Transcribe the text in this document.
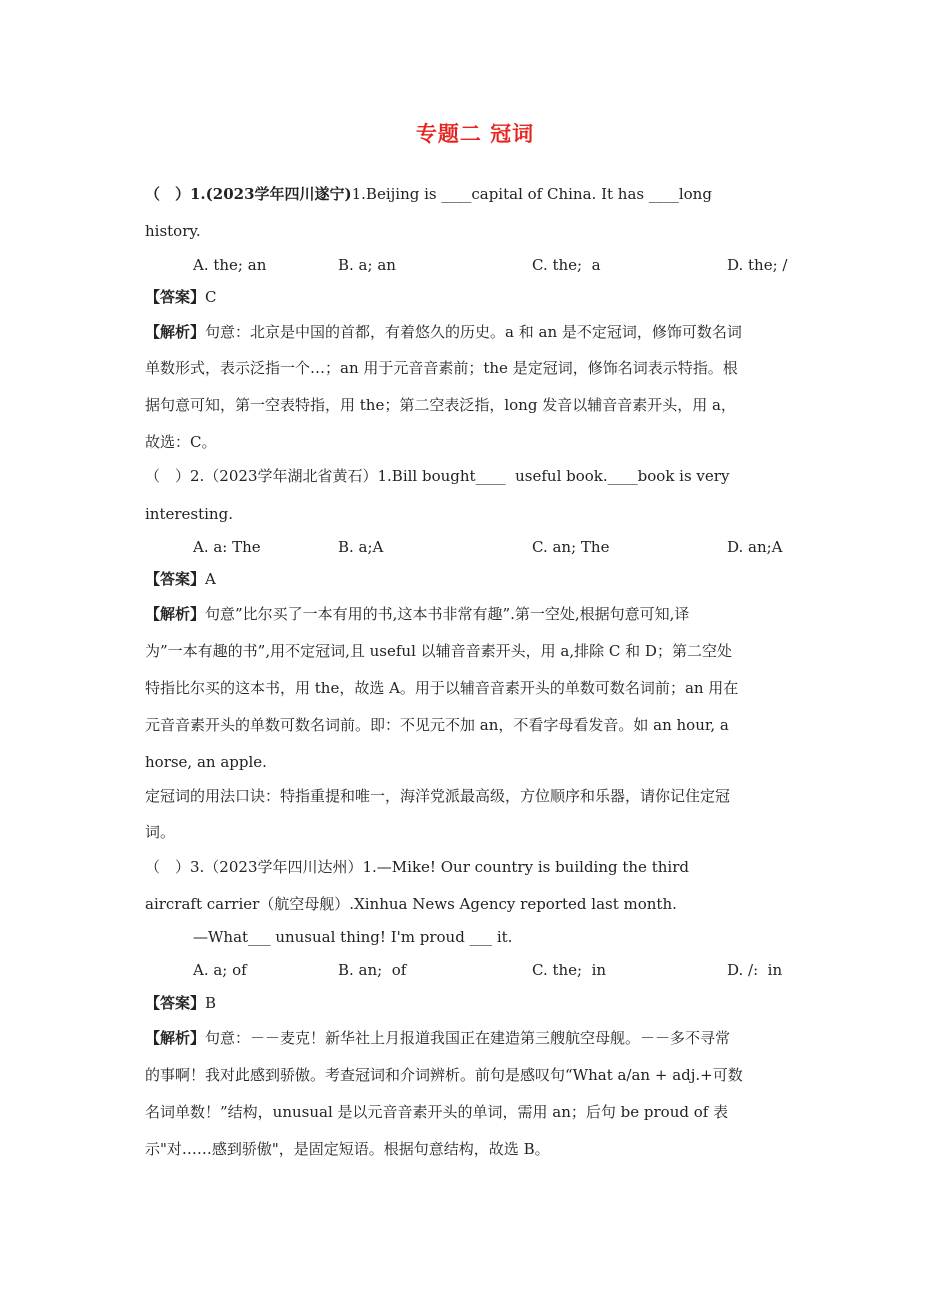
专题二 冠词
（　）1.(2023学年四川遂宁)1.Beijing is ____capital of China. It has ____long
history.
A. the; an	B. a; an	C. the;  a	D. the; /
【答案】C
【解析】句意：北京是中国的首都，有着悠久的历史。a 和 an 是不定冠词，修饰可数名词
单数形式，表示泛指一个…；an 用于元音音素前；the 是定冠词，修饰名词表示特指。根
据句意可知，第一空表特指，用 the；第二空表泛指，long 发音以辅音音素开头，用 a，
故选：C。
（　）2.（2023学年湖北省黄石）1.Bill bought____  useful book.____book is very
interesting.
A. a: The	B. a;A	C. an; The	D. an;A
【答案】A
【解析】句意”比尔买了一本有用的书,这本书非常有趣”.第一空处,根据句意可知,译
为”一本有趣的书”,用不定冠词,且 useful 以辅音音素开头，用 a,排除 C 和 D；第二空处
特指比尔买的这本书，用 the，故选 A。用于以辅音音素开头的单数可数名词前；an 用在
元音音素开头的单数可数名词前。即：不见元不加 an，不看字母看发音。如 an hour, a
horse, an apple.
定冠词的用法口诀：特指重提和唯一，海洋党派最高级，方位顺序和乐器，请你记住定冠
词。
（　）3.（2023学年四川达州）1.—Mike! Our country is building the third
aircraft carrier（航空母舰）.Xinhua News Agency reported last month.
—What___ unusual thing! I'm proud ___ it.
A. a; of	B. an;  of	C. the;  in	D. /:  in
【答案】B
【解析】句意：－－麦克！新华社上月报道我国正在建造第三艘航空母舰。－－多不寻常
的事啊！我对此感到骄傲。考查冠词和介词辨析。前句是感叹句“What a/an + adj.+可数
名词单数！”结构，unusual 是以元音音素开头的单词，需用 an；后句 be proud of 表
示"对……感到骄傲"，是固定短语。根据句意结构，故选 B。
